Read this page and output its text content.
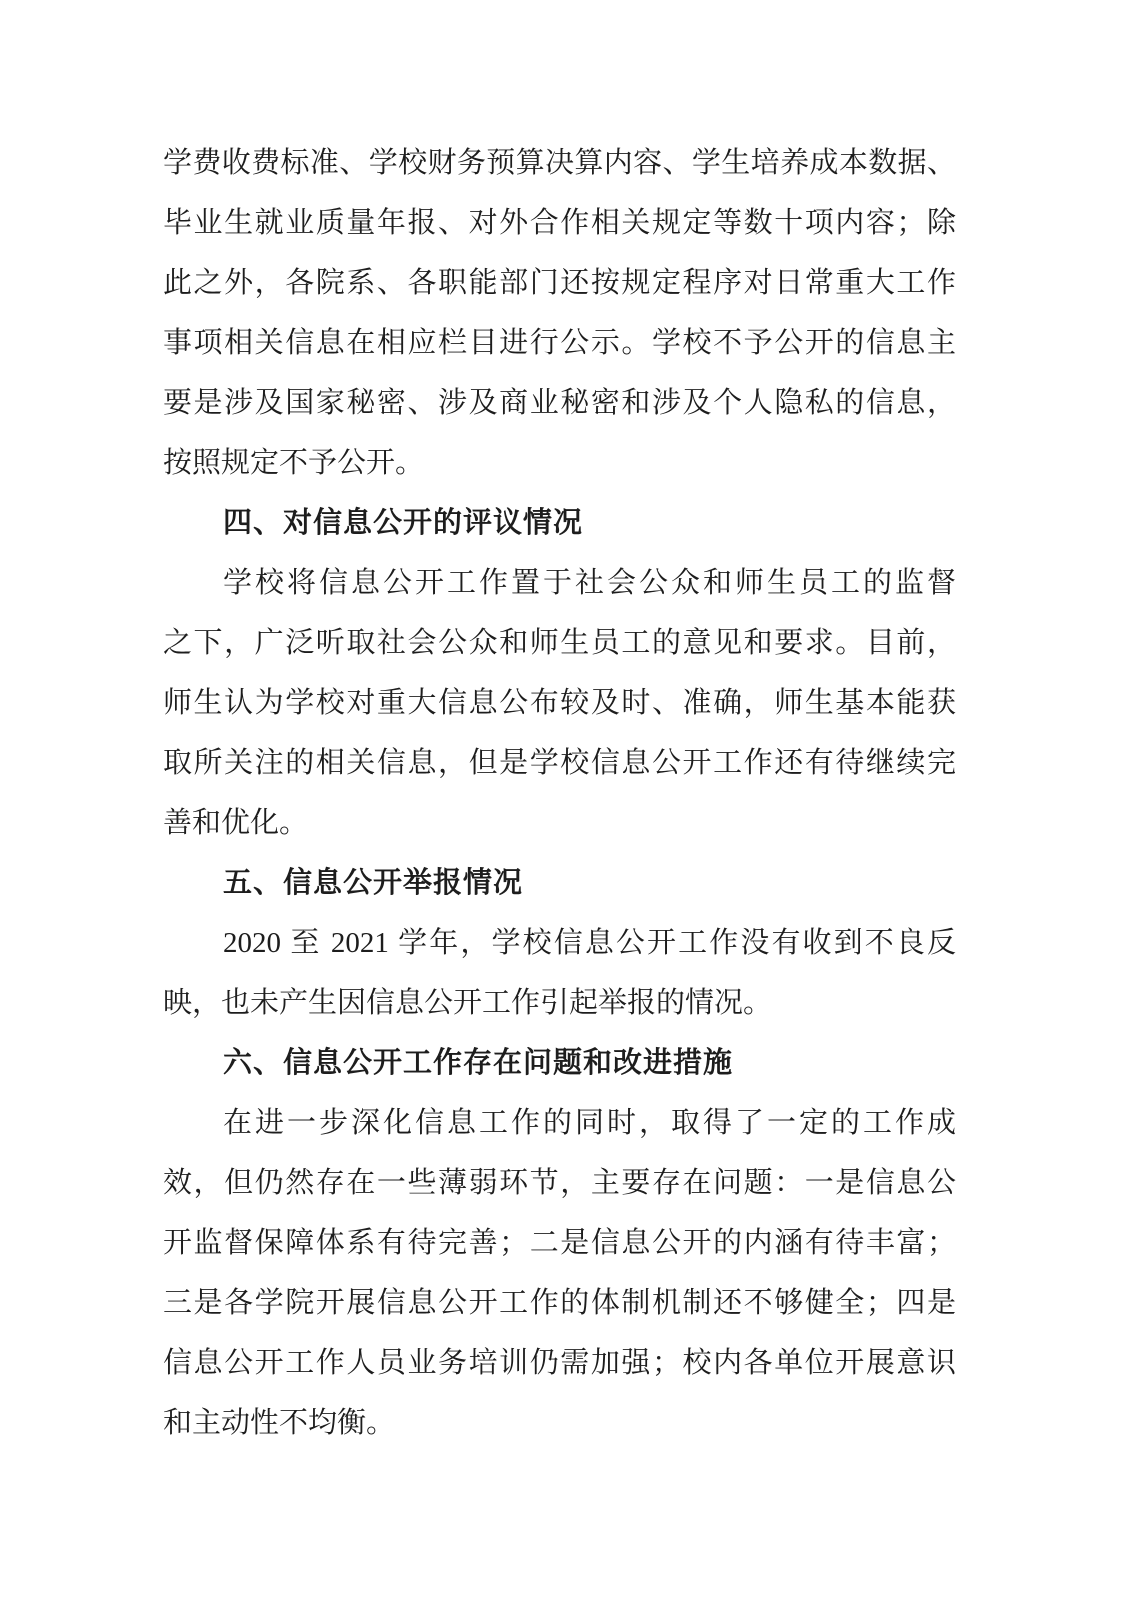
学费收费标准、学校财务预算决算内容、学生培养成本数据、
毕业生就业质量年报、对外合作相关规定等数十项内容；除
此之外，各院系、各职能部门还按规定程序对日常重大工作
事项相关信息在相应栏目进行公示。学校不予公开的信息主
要是涉及国家秘密、涉及商业秘密和涉及个人隐私的信息，
按照规定不予公开。
四、对信息公开的评议情况
学校将信息公开工作置于社会公众和师生员工的监督
之下，广泛听取社会公众和师生员工的意见和要求。目前，
师生认为学校对重大信息公布较及时、准确，师生基本能获
取所关注的相关信息，但是学校信息公开工作还有待继续完
善和优化。
五、信息公开举报情况
2020 至 2021 学年，学校信息公开工作没有收到不良反
映，也未产生因信息公开工作引起举报的情况。
六、信息公开工作存在问题和改进措施
在进一步深化信息工作的同时，取得了一定的工作成
效，但仍然存在一些薄弱环节，主要存在问题：一是信息公
开监督保障体系有待完善；二是信息公开的内涵有待丰富；
三是各学院开展信息公开工作的体制机制还不够健全；四是
信息公开工作人员业务培训仍需加强；校内各单位开展意识
和主动性不均衡。
